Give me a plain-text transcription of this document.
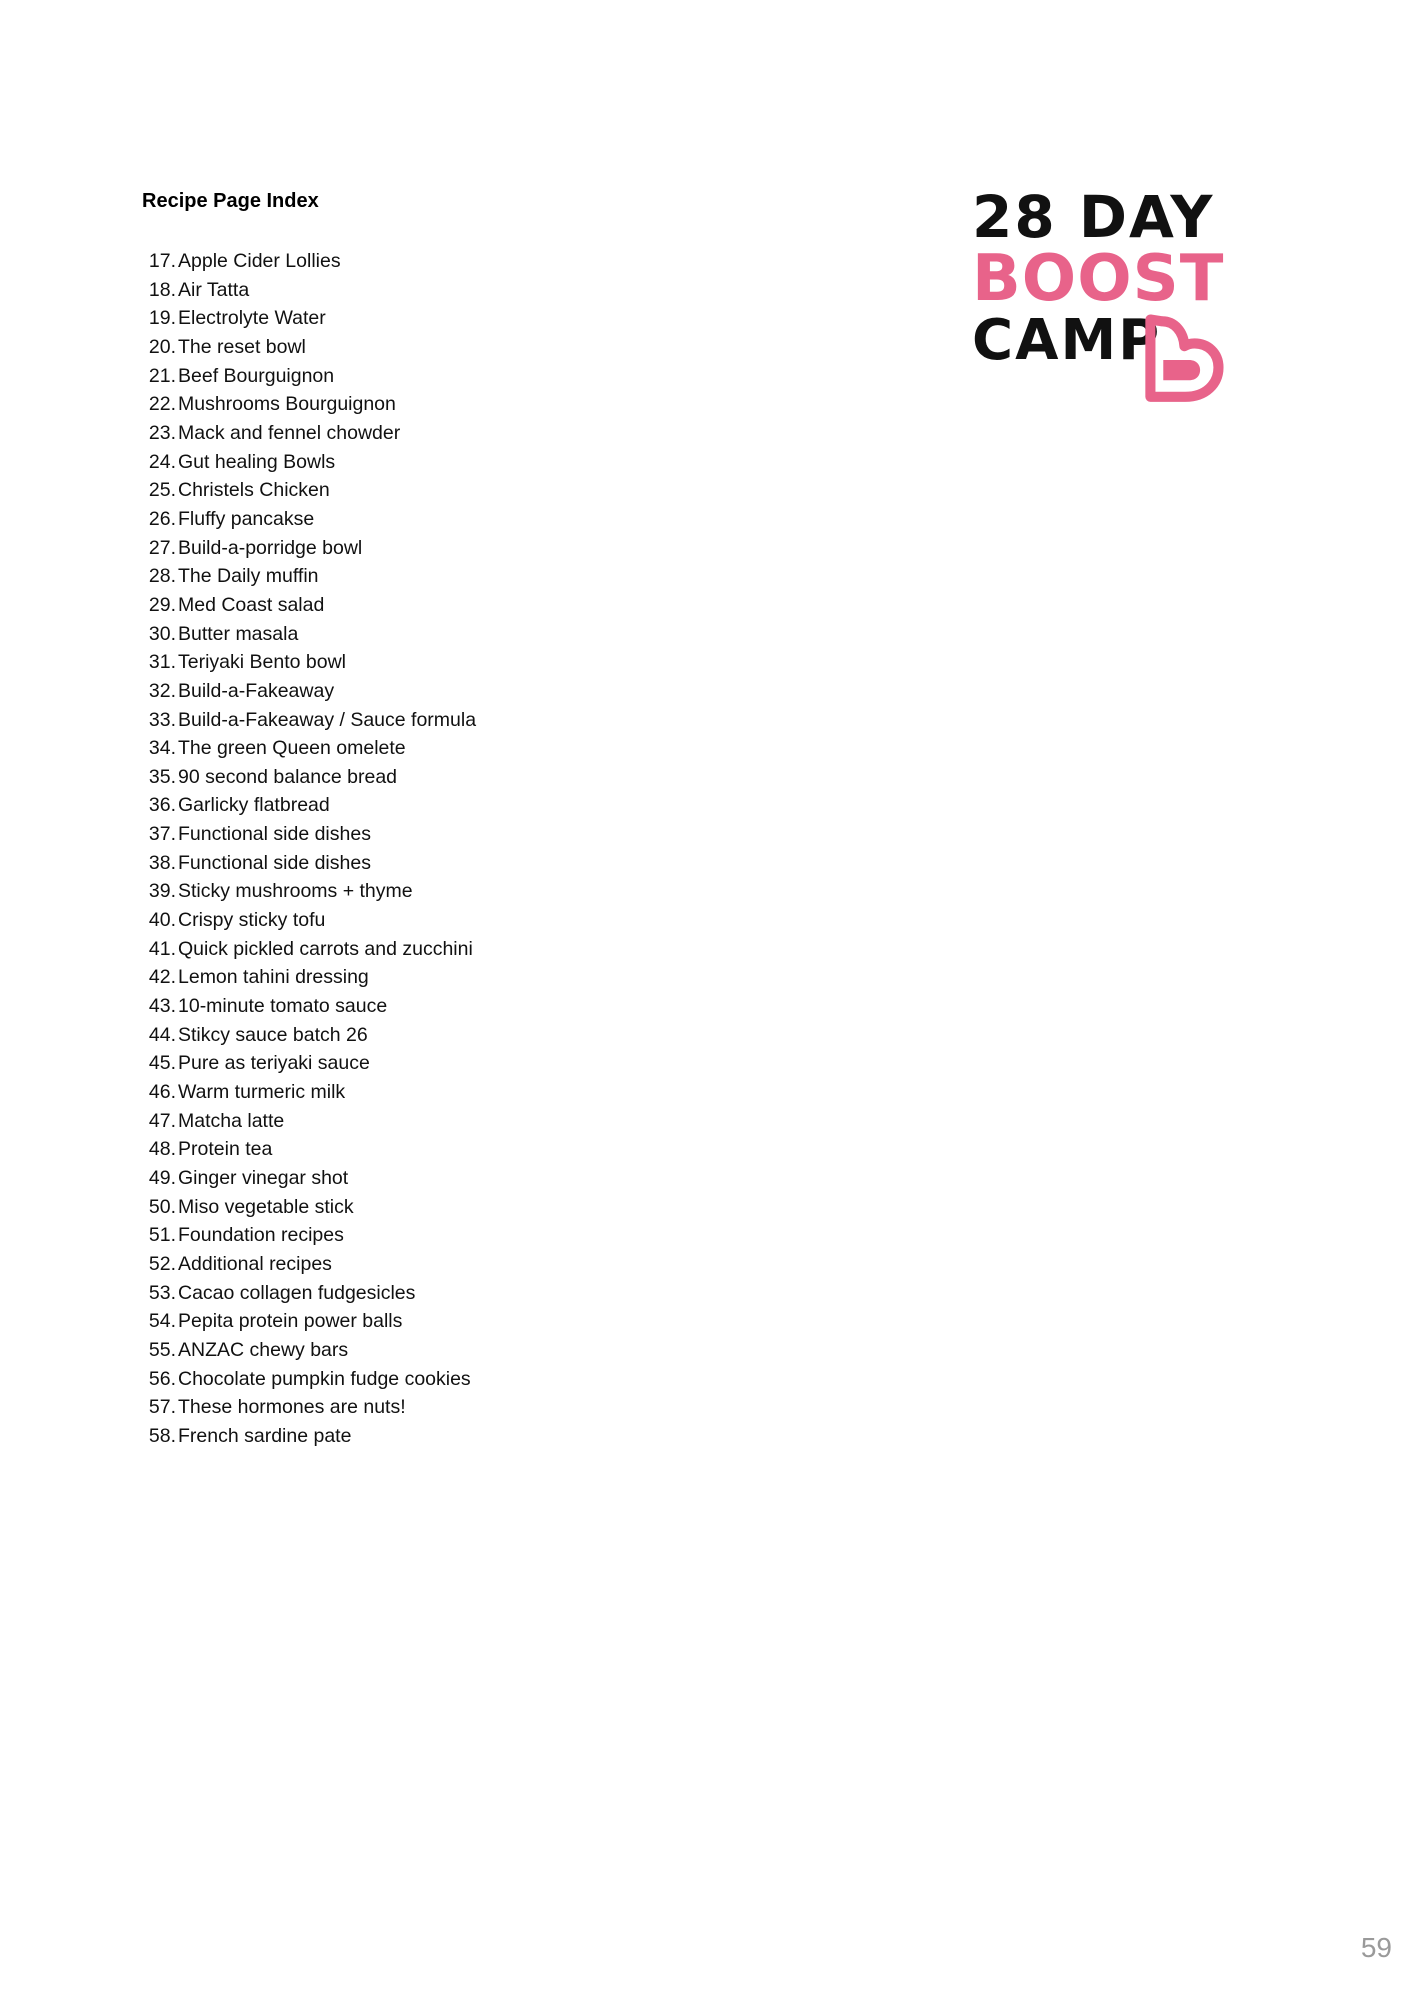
Recipe Page Index
17. Apple Cider Lollies
18. Air Tatta
19. Electrolyte Water
20. The reset bowl
21. Beef Bourguignon
22. Mushrooms Bourguignon
23. Mack and fennel chowder
24. Gut healing Bowls
25. Christels Chicken
26. Fluffy pancakse
27. Build-a-porridge bowl
28. The Daily muffin
29. Med Coast salad
30. Butter masala
31. Teriyaki Bento bowl
32. Build-a-Fakeaway
33. Build-a-Fakeaway / Sauce formula
34. The green Queen omelete
35. 90 second balance bread
36. Garlicky flatbread
37. Functional side dishes
38. Functional side dishes
39. Sticky mushrooms + thyme
40. Crispy sticky tofu
41. Quick pickled carrots and zucchini
42. Lemon tahini dressing
43. 10-minute tomato sauce
44. Stikcy sauce batch 26
45. Pure as teriyaki sauce
46. Warm turmeric milk
47. Matcha latte
48. Protein tea
49. Ginger vinegar shot
50. Miso vegetable stick
51. Foundation recipes
52. Additional recipes
53. Cacao collagen fudgesicles
54. Pepita protein power balls
55. ANZAC chewy bars
56. Chocolate pumpkin fudge cookies
57. These hormones are nuts!
58. French sardine pate
28 DAY
BOOST
CAMP
59
